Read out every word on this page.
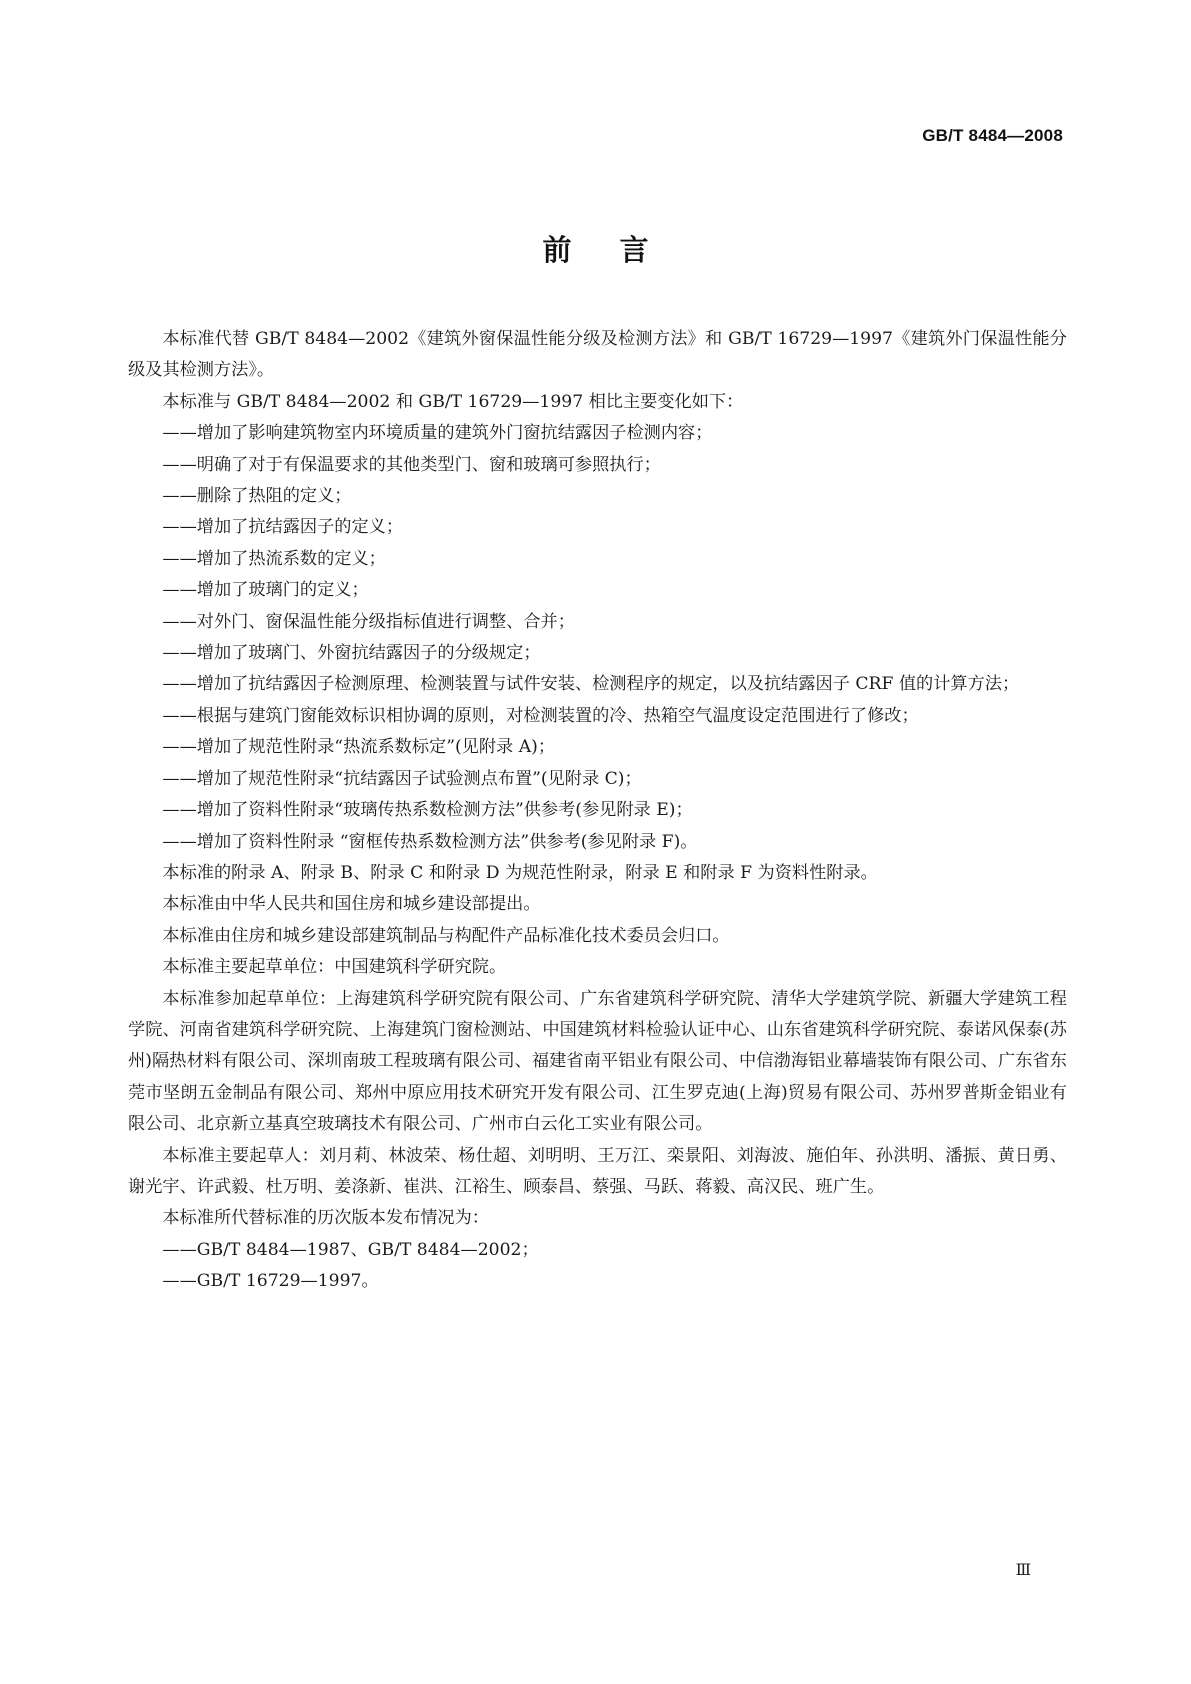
GB/T 8484—2008
前言

本标准代替 GB/T 8484—2002《建筑外窗保温性能分级及检测方法》和 GB/T 16729—1997《建筑外门保温性能分级及其检测方法》。

本标准与 GB/T 8484—2002 和 GB/T 16729—1997 相比主要变化如下：

—— 增加了影响建筑物室内环境质量的建筑外门窗抗结露因子检测内容；
—— 明确了对于有保温要求的其他类型门、窗和玻璃可参照执行；
—— 删除了热阻的定义；
—— 增加了抗结露因子的定义；
—— 增加了热流系数的定义；
—— 增加了玻璃门的定义；
—— 对外门、窗保温性能分级指标值进行调整、合并；
—— 增加了玻璃门、外窗抗结露因子的分级规定；
—— 增加了抗结露因子检测原理、检测装置与试件安装、检测程序的规定，以及抗结露因子 CRF 值的计算方法；
—— 根据与建筑门窗能效标识相协调的原则，对检测装置的冷、热箱空气温度设定范围进行了修改；
—— 增加了规范性附录“热流系数标定”(见附录 A)；
—— 增加了规范性附录“抗结露因子试验测点布置”(见附录 C)；
—— 增加了资料性附录“玻璃传热系数检测方法”供参考(参见附录 E)；
—— 增加了资料性附录 “窗框传热系数检测方法”供参考(参见附录 F)。

本标准的附录 A、附录 B、附录 C 和附录 D 为规范性附录，附录 E 和附录 F 为资料性附录。

本标准由中华人民共和国住房和城乡建设部提出。

本标准由住房和城乡建设部建筑制品与构配件产品标准化技术委员会归口。

本标准主要起草单位：中国建筑科学研究院。

本标准参加起草单位：上海建筑科学研究院有限公司、广东省建筑科学研究院、清华大学建筑学院、新疆大学建筑工程学院、河南省建筑科学研究院、上海建筑门窗检测站、中国建筑材料检验认证中心、山东省建筑科学研究院、泰诺风保泰(苏州)隔热材料有限公司、深圳南玻工程玻璃有限公司、福建省南平铝业有限公司、中信渤海铝业幕墙装饰有限公司、广东省东莞市坚朗五金制品有限公司、郑州中原应用技术研究开发有限公司、江生罗克迪(上海)贸易有限公司、苏州罗普斯金铝业有限公司、北京新立基真空玻璃技术有限公司、广州市白云化工实业有限公司。

本标准主要起草人：刘月莉、林波荣、杨仕超、刘明明、王万江、栾景阳、刘海波、施伯年、孙洪明、潘振、黄日勇、谢光宇、许武毅、杜万明、姜涤新、崔洪、江裕生、顾泰昌、蔡强、马跃、蒋毅、高汉民、班广生。

本标准所代替标准的历次版本发布情况为：

—— GB/T 8484—1987、GB/T 8484—2002；
—— GB/T 16729—1997。
Ⅲ
